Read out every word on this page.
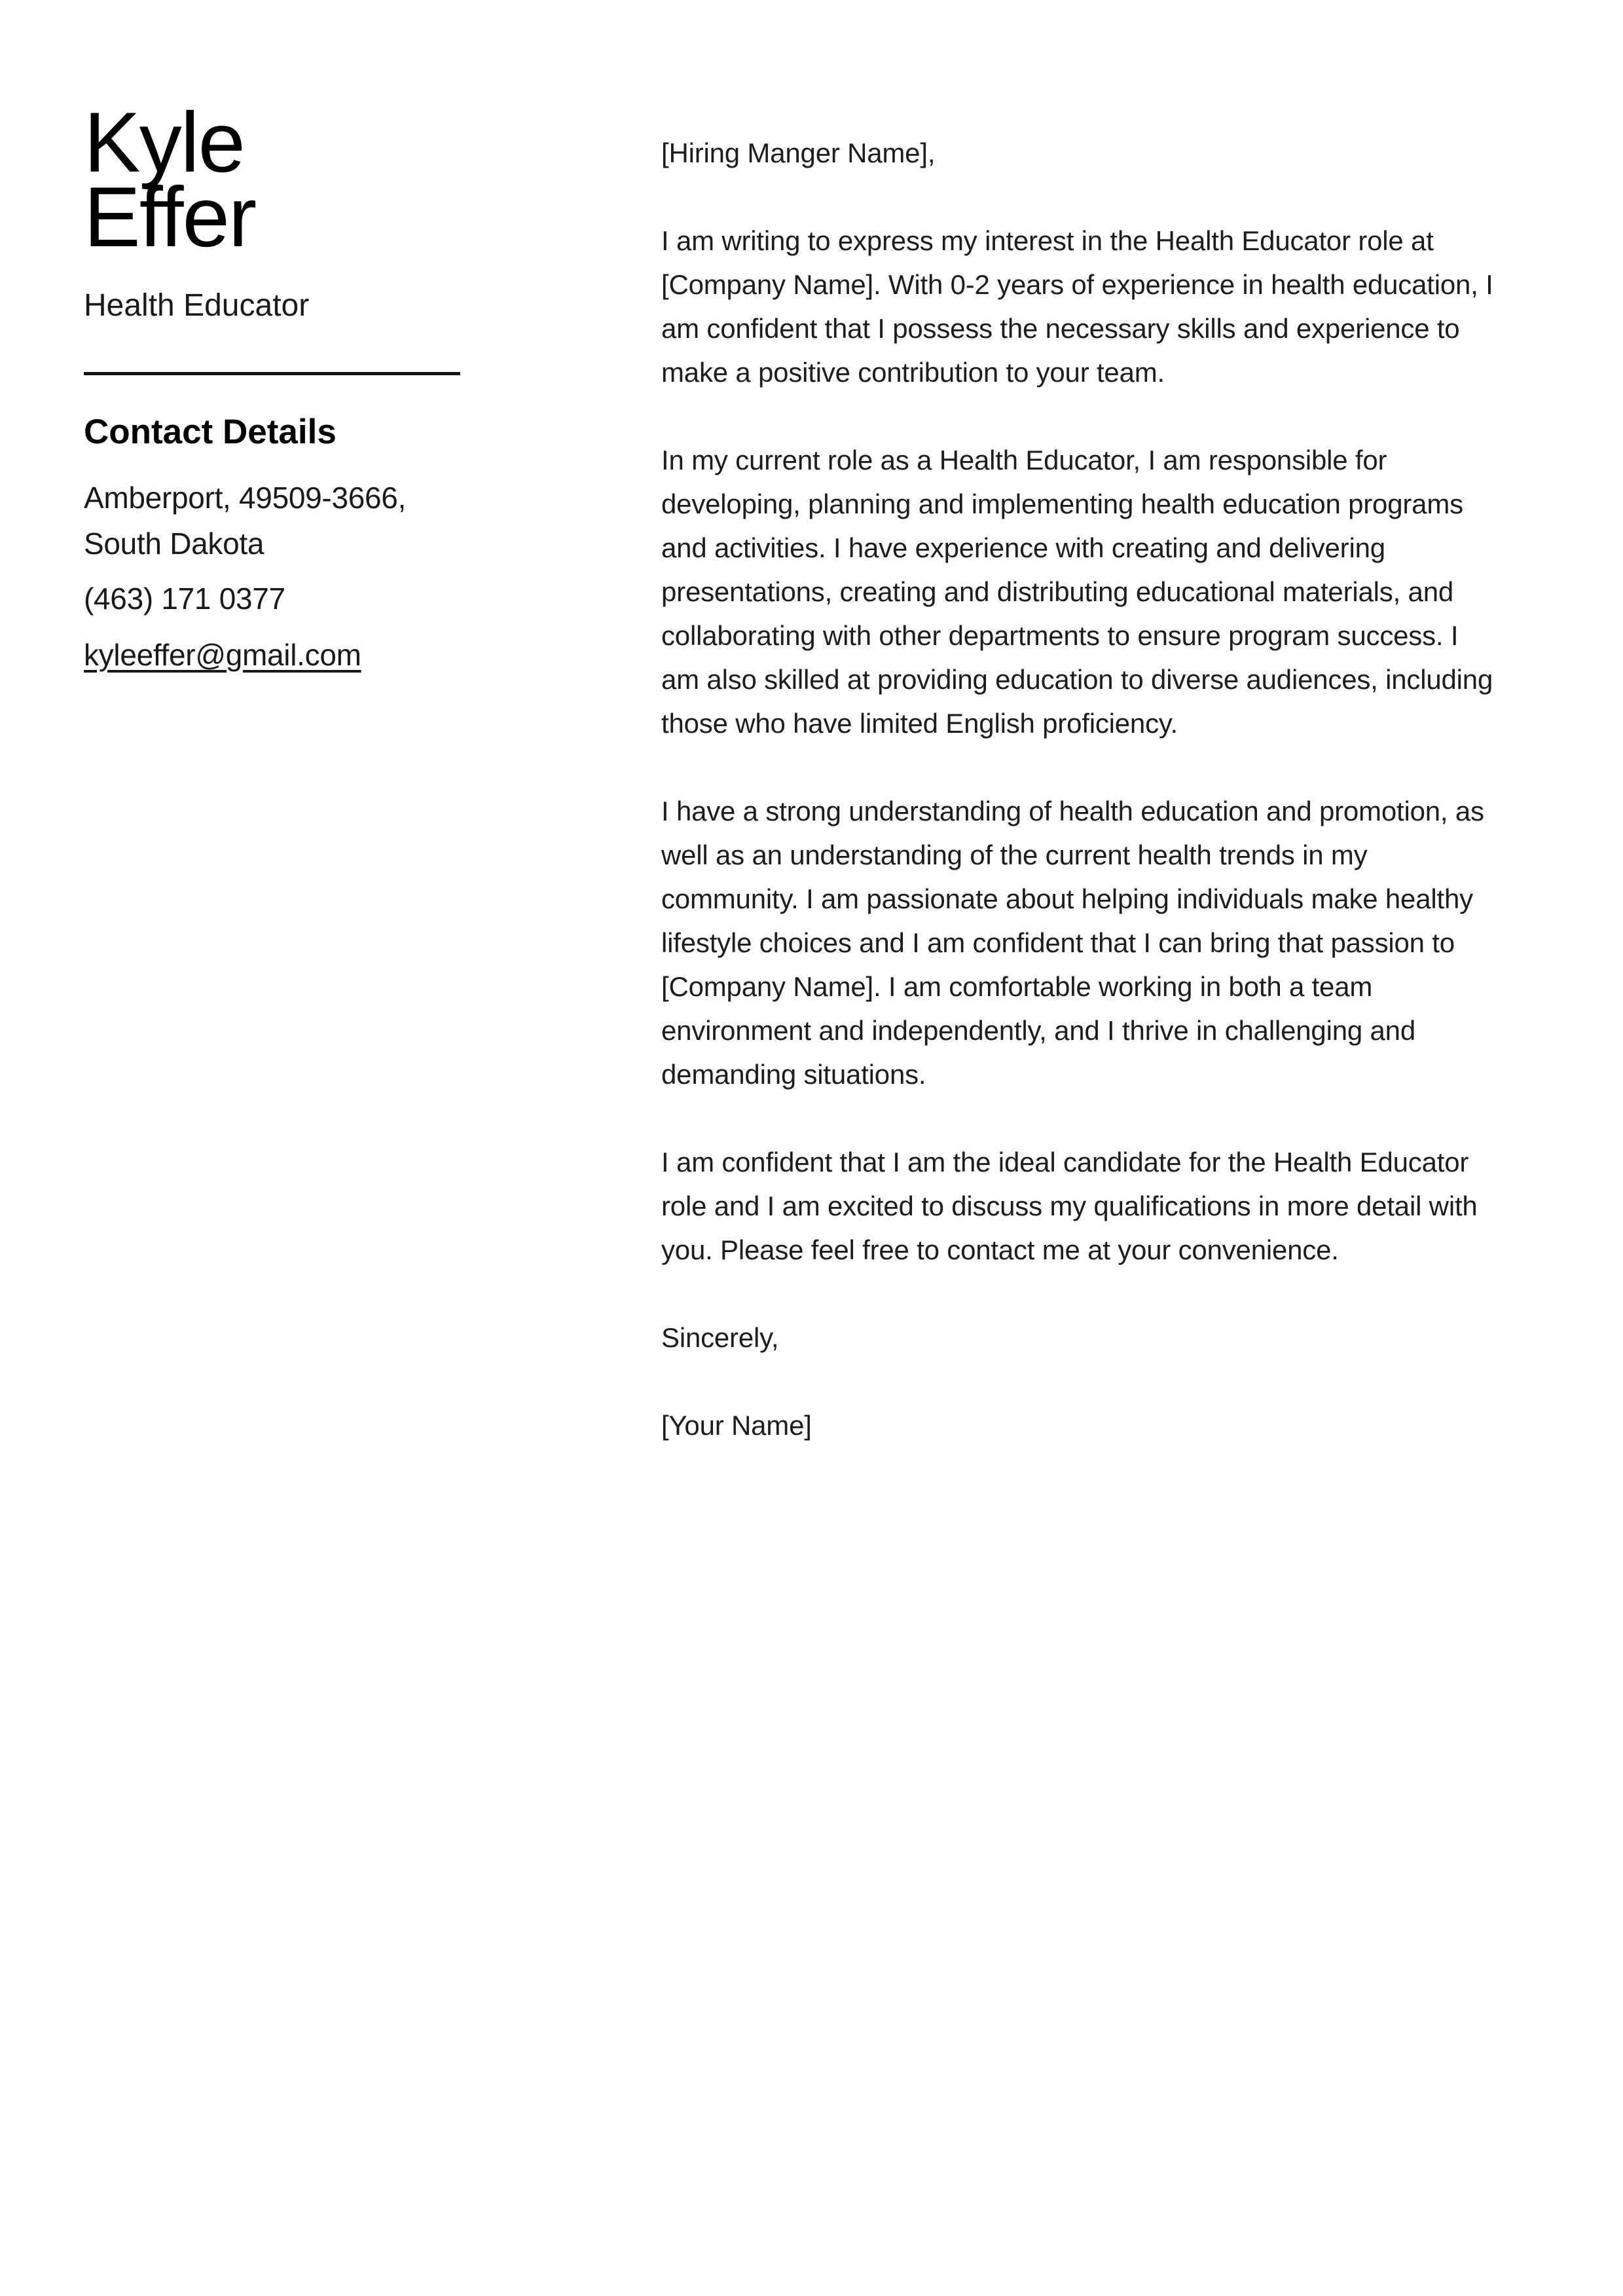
Kyle
Effer
Health Educator
Contact Details

Amberport, 49509-3666,
South Dakota

(463) 171 0377

kyleeffer@gmail.com

[Hiring Manger Name],

I am writing to express my interest in the Health Educator role at [Company Name]. With 0-2 years of experience in health education, I am confident that I possess the necessary skills and experience to make a positive contribution to your team.

In my current role as a Health Educator, I am responsible for developing, planning and implementing health education programs and activities. I have experience with creating and delivering presentations, creating and distributing educational materials, and collaborating with other departments to ensure program success. I am also skilled at providing education to diverse audiences, including those who have limited English proficiency.

I have a strong understanding of health education and promotion, as well as an understanding of the current health trends in my community. I am passionate about helping individuals make healthy lifestyle choices and I am confident that I can bring that passion to [Company Name]. I am comfortable working in both a team environment and independently, and I thrive in challenging and demanding situations.

I am confident that I am the ideal candidate for the Health Educator role and I am excited to discuss my qualifications in more detail with you. Please feel free to contact me at your convenience.

Sincerely,

[Your Name]
